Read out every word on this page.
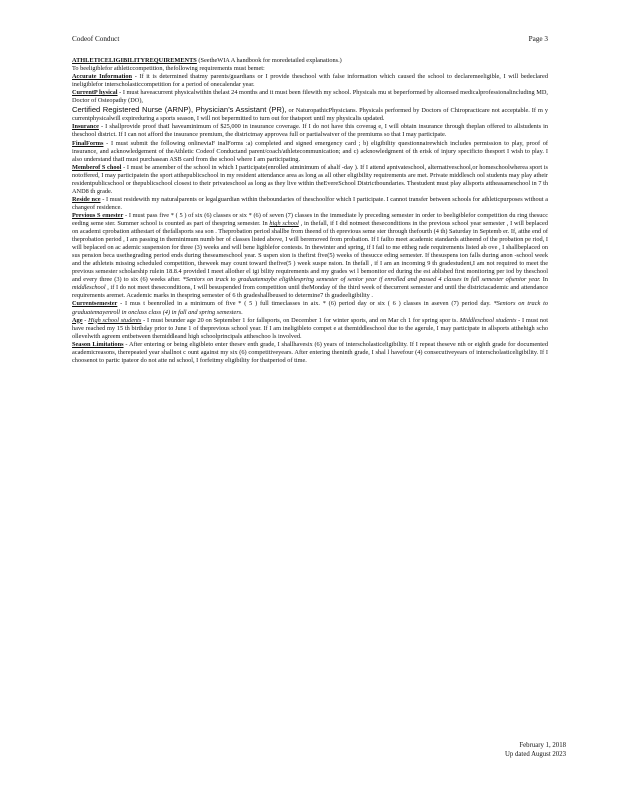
Codeof Conduct	Page 3
ATHLETICELIGIBILITYREQUIREMENTS (SeetheWIA A handbook for moredetailed explanations.)

To beeligiblefor athleticcompetition, thefollowing requirements must bemet:

Accurate Information - If it is determined thatmy parents/guardians or I provide theschool with false information which caused the school to declaremeeligible, I will bedeclared ineligiblefor interscholasticcompetition for a period of onecalendar year.

CurrentP hysical - I must haveacurrent physicalwithin thelast 24 months and it must been filewith my school. Physicals mu st beperformed by alicensed medicalprofessionalincluding MD, Doctor of Osteopathy (DO),
Certified Registered Nurse (ARNP), Physician’s Assistant (PR), or NaturopathicPhysicians. Physicals performed by Doctors of Chiropracticare not acceptable. If m y currentphysicalwill expireduring a sports season, I will not bepermitted to turn out for thatsport until my physicalis updated.

Insurance - I shallprovide proof thatI haveaminimum of $25,000 in insurance coverage. If I do not have this coverag e, I will obtain insurance through theplan offered to allstudents in theschool district. If I can not afford the insurance premium, the districtmay approvea full or partialwaiver of the premiums so that I may participate.

FinalForms - I must submit the following onlineviaF inalForms :a) completed and signed emergency card ; b) eligibility questionnairewhich includes permission to play, proof of insurance, and acknowledgement of theAthletic Codeof Conductand parent/coach/athletecommunication; and c) acknowledgment of th erisk of injury specificto thesport I wish to play. I also understand thatI must purchasean ASB card from the school where I am participating.

Memberof S chool - I must be amember of the school in which I participate(enrolled atminimum of ahalf -day ). If I attend apnivateschool, alternativeschool,or homeschoolwherea sport is notoffered, I may participatein the sport atthepublicschool in my resident attendance area as long as all other eligibility requirements are met. Private middlesch ool students may play atheir residentpublicschool or thepublicschool closest to their privateschool as long as they live within theEvereSchool Districtboundaries. Thestudent must play allsports attheasameschool in 7 th AND8 th grade.

Reside nce - I must residewith my naturalparents or legalguardian within theboundaries of theschoolfor which I participate. I cannot transfer between schools for athleticpurposes without a changeof residence.

Previous S emester - I must pass five * ( 5 ) of six (6) classes or six * (6) of seven (7) classes in the immediate ly preceding semester in order to beeligiblefor competition du ring thesucc eeding seme ster. Summer school is counted as part of thespring semester. In high school , in thefall, if I did notmeet theseconditions in the previous school year semester , I will beplaced on academi cprobation atthestart of thefallsports sea son . Theprobation period shallbe from theend of th eprevious seme ster through thefourth (4 th) Saturday in Septemb er. If, atthe end of theprobation period , I am passing in theminimum numb ber of classes listed above, I will beremoved from probation. If I failto meet academic standards attheend of the probation pe riod, I will beplaced on ac ademic suspension for three (3) weeks and will bene ligiblefor contests. In thewinter and spring, if I fail to me ettheg rade requirements listed ab ove , I shallbeplaced on sus pension beca usethegrading period ends during theseameschool year. S uspen sion is thefirst five(5) weeks of thesucce eding semester. If thesuspens ion falls during anon -school week and the athleteis missing scheduled competition, theweek may count toward thefive(5 ) week suspe nsion. In thefall , if I am an incoming 9 th gradestudent,I am not required to meet the previous semester scholarship rulein 18.8.4 provided I meet allother el igi bility requirements and my grades wi l bemonitor ed during the est ablished first monitoring per iod by theschool and every three (3) to six (6) weeks after. *Seniors on track to graduatemaybe eligiblespring semester of senior year if enrolled and passed 4 classes in fall semester ofsenior year. In middleschool , if I do not meet theseconditions, I will besuspended from competition until theMonday of the third week of thecurrent semester and until the districtacademic and attendance requirements aremet. Academic marks in thespring semester of 6 th gradeshallbeused to determine7 th gradeeligibility .

Currentsemester - I mus t beenrolled in a minimum of five * ( 5 ) full timeclasses in aix. * (6) period day or six ( 6 ) classes in aseven (7) period day. *Seniors on track to graduatemayenroll in onclass class (4) in fall and spring semesters.

Age - High school students - I must beunder age 20 on September 1 for fallsports, on December 1 for winter sports, and on Mar ch 1 for spring spor ts. Middleschool students - I must not have reached my 15 th birthday prior to June 1 of theprevious school year. If I am ineligibleto compet e at themiddleschool due to the agerule, I may participate in allsports atthehigh scho ollevelwith agreem entbetween themiddleand high schoolprincipals attheschoo ls involved.

Season Limitations - After entering or being eligibleto enter thesev enth grade, I shallhavesix (6) years of interscholasticeligibility. If I repeat theseve nth or eighth grade for documented academicreasons, therepeated year shallnot c ount against my six (6) competitiveyears. After entering theninth grade, I shal l havefour (4) consecutiveyears of interscholasticeligibility. If I choosenot to partic ipateor do not atte nd school, I forfeitmy eligibility for thatperiod of time.

February 1, 2018
Up dated August 2023
